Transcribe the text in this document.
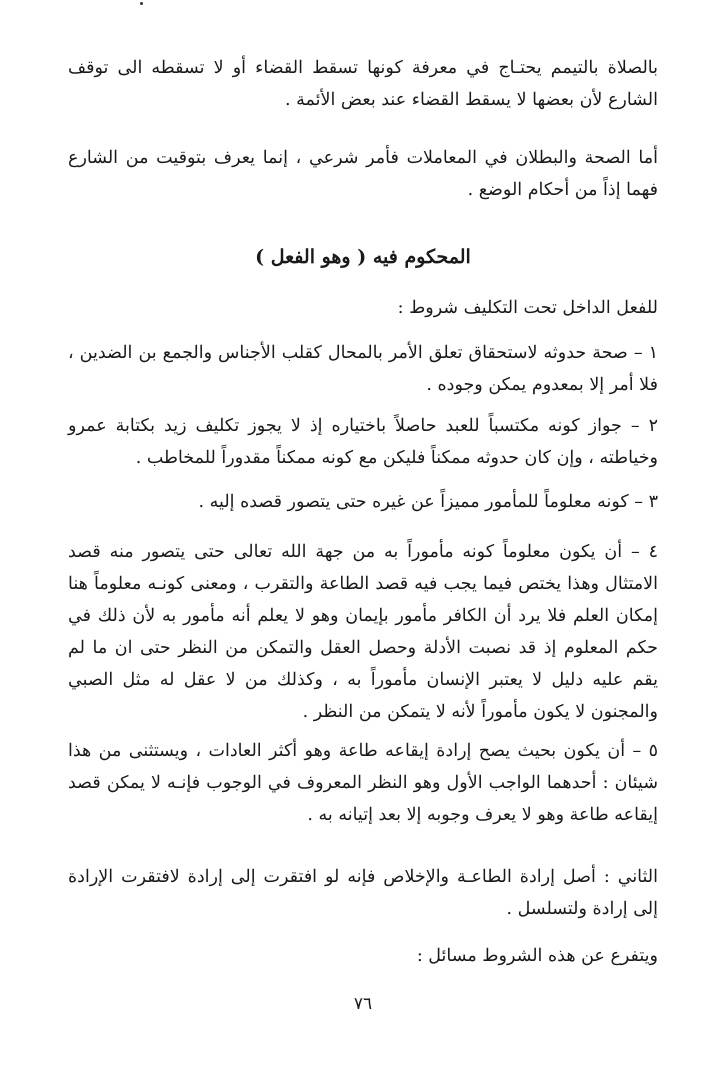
بالصلاة بالتيمم يحتـاج في معرفة كونها تسقط القضاء أو لا تسقطه الى توقف الشارع لأن بعضها لا يسقط القضاء عند بعض الأئمة .

أما الصحة والبطلان في المعاملات فأمر شرعي ، إنما يعرف بتوقيت من الشارع فهما إذاً من أحكام الوضع .

المحكوم فيه ( وهو الفعل )

للفعل الداخل تحت التكليف شروط :

١ – صحة حدوثه لاستحقاق تعلق الأمر بالمحال كقلب الأجناس والجمع بن الضدين ، فلا أمر إلا بمعدوم يمكن وجوده .

٢ – جواز كونه مكتسباً للعبد حاصلاً باختياره إذ لا يجوز تكليف زيد بكتابة عمرو وخياطته ، وإن كان حدوثه ممكناً فليكن مع كونه ممكناً مقدوراً للمخاطب .

٣ – كونه معلوماً للمأمور مميزاً عن غيره حتى يتصور قصده إليه .

٤ – أن يكون معلوماً كونه مأموراً به من جهة الله تعالى حتى يتصور منه قصد الامتثال وهذا يختص فيما يجب فيه قصد الطاعة والتقرب ، ومعنى كونـه معلوماً هنا إمكان العلم فلا يرد أن الكافر مأمور بإيمان وهو لا يعلم أنه مأمور به لأن ذلك في حكم المعلوم إذ قد نصبت الأدلة وحصل العقل والتمكن من النظر حتى ان ما لم يقم عليه دليل لا يعتبر الإنسان مأموراً به ، وكذلك من لا عقل له مثل الصبي والمجنون لا يكون مأموراً لأنه لا يتمكن من النظر .

٥ – أن يكون بحيث يصح إرادة إيقاعه طاعة وهو أكثر العادات ، ويستثنى من هذا شيئان : أحدهما الواجب الأول وهو النظر المعروف في الوجوب فإنـه لا يمكن قصد إيقاعه طاعة وهو لا يعرف وجوبه إلا بعد إتيانه به .

الثاني : أصل إرادة الطاعـة والإخلاص فإنه لو افتقرت إلى إرادة لافتقرت الإرادة إلى إرادة ولتسلسل .

ويتفرع عن هذه الشروط مسائل :

٧٦
